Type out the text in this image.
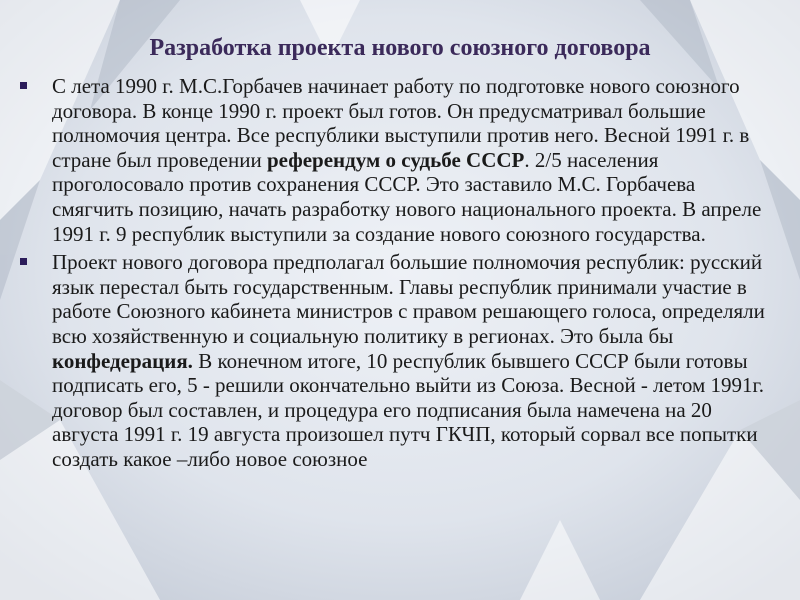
Разработка проекта нового союзного договора
С лета 1990 г. М.С.Горбачев начинает работу по подготовке нового союзного договора. В конце 1990 г. проект был готов. Он предусматривал большие полномочия центра. Все республики выступили против него. Весной 1991 г. в стране был проведении референдум о судьбе СССР. 2/5 населения проголосовало против сохранения СССР. Это заставило М.С. Горбачева смягчить позицию, начать разработку нового национального проекта. В апреле 1991 г. 9 республик выступили за создание нового союзного государства.
Проект нового договора предполагал большие полномочия республик: русский язык перестал быть государственным. Главы республик принимали участие в работе Союзного кабинета министров с правом решающего голоса, определяли всю хозяйственную и социальную политику в регионах. Это была бы конфедерация. В конечном итоге, 10 республик бывшего СССР были готовы подписать его, 5 - решили окончательно выйти из Союза. Весной - летом 1991г. договор был составлен, и процедура его подписания была намечена на 20 августа 1991 г. 19 августа произошел путч ГКЧП, который сорвал все попытки создать какое –либо новое союзное
